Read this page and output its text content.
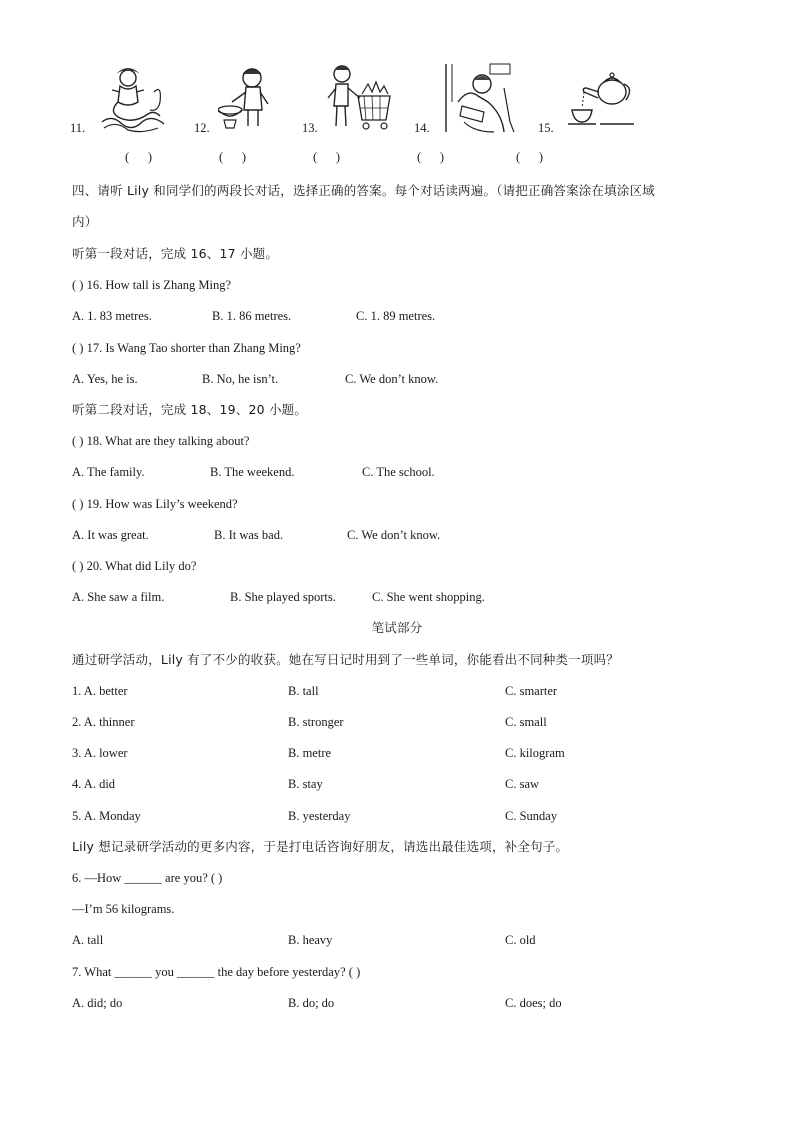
11.	12.	13.	14.	15.
(      )	(      )	(      )	(      )	(      )
四、请听 Lily 和同学们的两段长对话，选择正确的答案。每个对话读两遍。（请把正确答案涂在填涂区域
内）
听第一段对话，完成 16、17 小题。
( ) 16. How tall is Zhang Ming?
A. 1. 83 metres.	B. 1. 86 metres.	C. 1. 89 metres.
( ) 17. Is Wang Tao shorter than Zhang Ming?
A. Yes, he is.	B. No, he isn’t.	C. We don’t know.
听第二段对话，完成 18、19、20 小题。
( ) 18. What are they talking about?
A. The family.	B. The weekend.	C. The school.
( ) 19. How was Lily’s weekend?
A. It was great.	B. It was bad.	C. We don’t know.
( ) 20. What did Lily do?
A. She saw a film.	B. She played sports.	C. She went shopping.
笔试部分
通过研学活动，Lily 有了不少的收获。她在写日记时用到了一些单词，你能看出不同种类一项吗？
1. A. better	B. tall	C. smarter
2. A. thinner	B. stronger	C. small
3. A. lower	B. metre	C. kilogram
4. A. did	B. stay	C. saw
5. A. Monday	B. yesterday	C. Sunday
Lily 想记录研学活动的更多内容，于是打电话咨询好朋友，请选出最佳选项，补全句子。
6. —How ______ are you? ( )
—I’m 56 kilograms.
A. tall	B. heavy	C. old
7. What ______ you ______ the day before yesterday? ( )
A. did; do	B. do; do	C. does; do
